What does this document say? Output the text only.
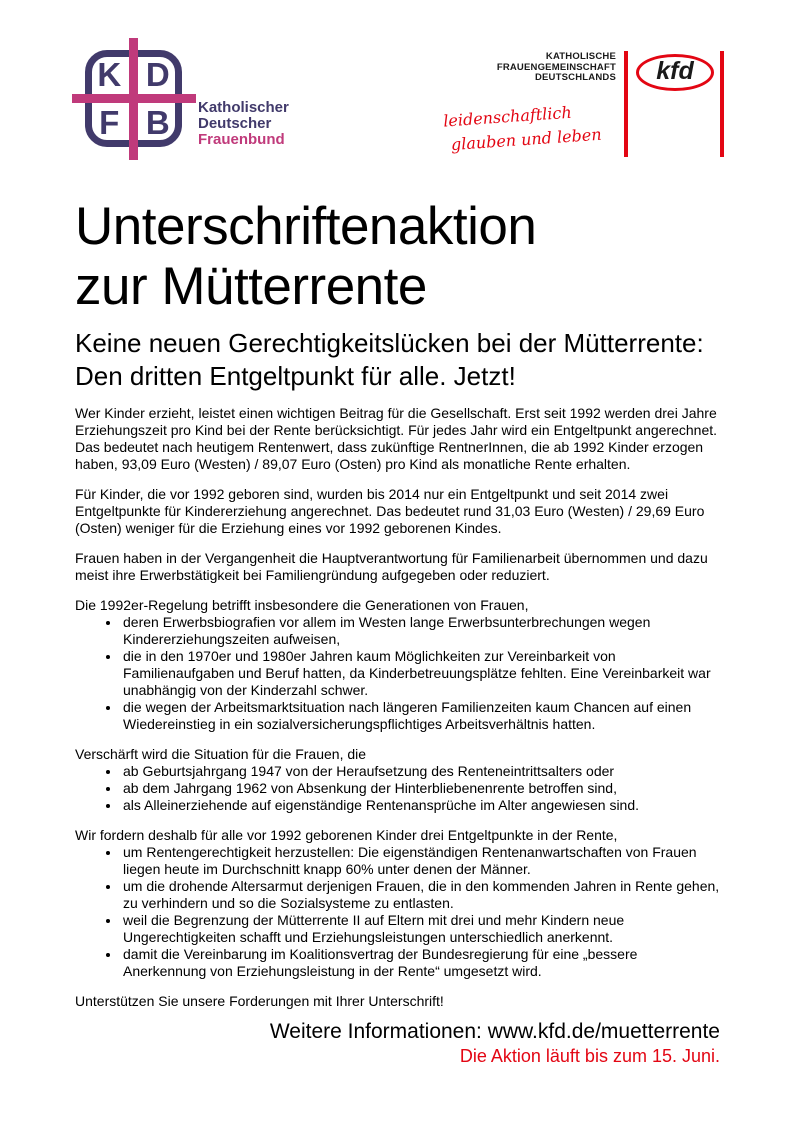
K D
F B	Katholischer
Deutscher
Frauenbund
KATHOLISCHE
FRAUENGEMEINSCHAFT
DEUTSCHLANDS kfd
leidenschaftlich
glauben und leben
Unterschriftenaktion
zur Mütterrente
Keine neuen Gerechtigkeitslücken bei der Mütterrente:
Den dritten Entgeltpunkt für alle. Jetzt!

Wer Kinder erzieht, leistet einen wichtigen Beitrag für die Gesellschaft. Erst seit 1992 werden drei Jahre Erziehungszeit pro Kind bei der Rente berücksichtigt. Für jedes Jahr wird ein Entgeltpunkt angerechnet. Das bedeutet nach heutigem Rentenwert, dass zukünftige RentnerInnen, die ab 1992 Kinder erzogen haben, 93,09 Euro (Westen) / 89,07 Euro (Osten) pro Kind als monatliche Rente erhalten.

Für Kinder, die vor 1992 geboren sind, wurden bis 2014 nur ein Entgeltpunkt und seit 2014 zwei Entgeltpunkte für Kindererziehung angerechnet. Das bedeutet rund 31,03 Euro (Westen) / 29,69 Euro (Osten) weniger für die Erziehung eines vor 1992 geborenen Kindes.

Frauen haben in der Vergangenheit die Hauptverantwortung für Familienarbeit übernommen und dazu meist ihre Erwerbstätigkeit bei Familiengründung aufgegeben oder reduziert.

Die 1992er-Regelung betrifft insbesondere die Generationen von Frauen,

• deren Erwerbsbiografien vor allem im Westen lange Erwerbsunterbrechungen wegen Kindererziehungszeiten aufweisen,
• die in den 1970er und 1980er Jahren kaum Möglichkeiten zur Vereinbarkeit von Familienaufgaben und Beruf hatten, da Kinderbetreuungsplätze fehlten. Eine Vereinbarkeit war unabhängig von der Kinderzahl schwer.
• die wegen der Arbeitsmarktsituation nach längeren Familienzeiten kaum Chancen auf einen Wiedereinstieg in ein sozialversicherungspflichtiges Arbeitsverhältnis hatten.

Verschärft wird die Situation für die Frauen, die

• ab Geburtsjahrgang 1947 von der Heraufsetzung des Renteneintrittsalters oder
• ab dem Jahrgang 1962 von Absenkung der Hinterbliebenenrente betroffen sind,
• als Alleinerziehende auf eigenständige Rentenansprüche im Alter angewiesen sind.

Wir fordern deshalb für alle vor 1992 geborenen Kinder drei Entgeltpunkte in der Rente,

• um Rentengerechtigkeit herzustellen: Die eigenständigen Rentenanwartschaften von Frauen liegen heute im Durchschnitt knapp 60% unter denen der Männer.
• um die drohende Altersarmut derjenigen Frauen, die in den kommenden Jahren in Rente gehen, zu verhindern und so die Sozialsysteme zu entlasten.
• weil die Begrenzung der Mütterrente II auf Eltern mit drei und mehr Kindern neue Ungerechtigkeiten schafft und Erziehungsleistungen unterschiedlich anerkennt.
• damit die Vereinbarung im Koalitionsvertrag der Bundesregierung für eine „bessere Anerkennung von Erziehungsleistung in der Rente“ umgesetzt wird.

Unterstützen Sie unsere Forderungen mit Ihrer Unterschrift!

Weitere Informationen: www.kfd.de/muetterrente
Die Aktion läuft bis zum 15. Juni.
